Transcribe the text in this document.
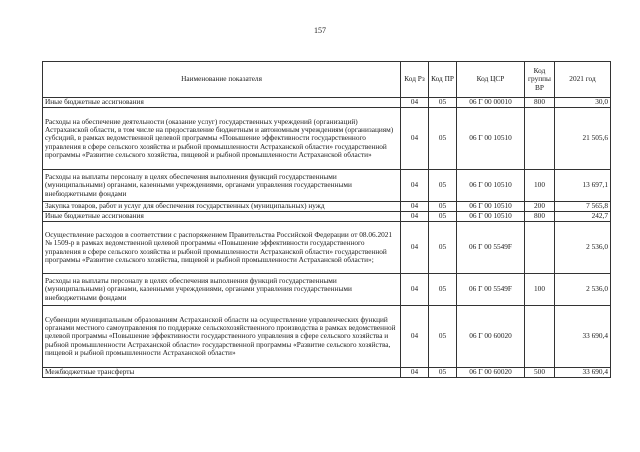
157
Наименование показателя	Код Рз	Код ПР	Код ЦСР	Код группы ВР	2021 год
Иные бюджетные ассигнования	04	05	06 Г 00 00010	800	30,0
Расходы на обеспечение деятельности (оказание услуг) государственных учреждений (организаций) Астраханской области, в том числе на предоставление бюджетным и автономным учреждениям (организациям) субсидий, в рамках ведомственной целевой программы «Повышение эффективности государственного управления в сфере сельского хозяйства и рыбной промышленности Астраханской области» государственной программы «Развитие сельского хозяйства, пищевой и рыбной промышленности Астраханской области»	04	05	06 Г 00 10510		21 505,6
Расходы на выплаты персоналу в целях обеспечения выполнения функций государственными (муниципальными) органами, казенными учреждениями, органами управления государственными внебюджетными фондами	04	05	06 Г 00 10510	100	13 697,1
Закупка товаров, работ и услуг для обеспечения государственных (муниципальных) нужд	04	05	06 Г 00 10510	200	7 565,8
Иные бюджетные ассигнования	04	05	06 Г 00 10510	800	242,7
Осуществление расходов в соответствии с распоряжением Правительства Российской Федерации от 08.06.2021 № 1509-р в рамках ведомственной целевой программы «Повышение эффективности государственного управления в сфере сельского хозяйства и рыбной промышленности Астраханской области» государственной программы «Развитие сельского хозяйства, пищевой и рыбной промышленности Астраханской области»;	04	05	06 Г 00 5549F		2 536,0
Расходы на выплаты персоналу в целях обеспечения выполнения функций государственными (муниципальными) органами, казенными учреждениями, органами управления государственными внебюджетными фондами	04	05	06 Г 00 5549F	100	2 536,0
Субвенции муниципальным образованиям Астраханской области на осуществление управленческих функций органами местного самоуправления по поддержке сельскохозяйственного производства в рамках ведомственной целевой программы «Повышение эффективности государственного управления в сфере сельского хозяйства и рыбной промышленности Астраханской области» государственной программы «Развитие сельского хозяйства, пищевой и рыбной промышленности Астраханской области»	04	05	06 Г 00 60020		33 690,4
Межбюджетные трансферты	04	05	06 Г 00 60020	500	33 690,4
